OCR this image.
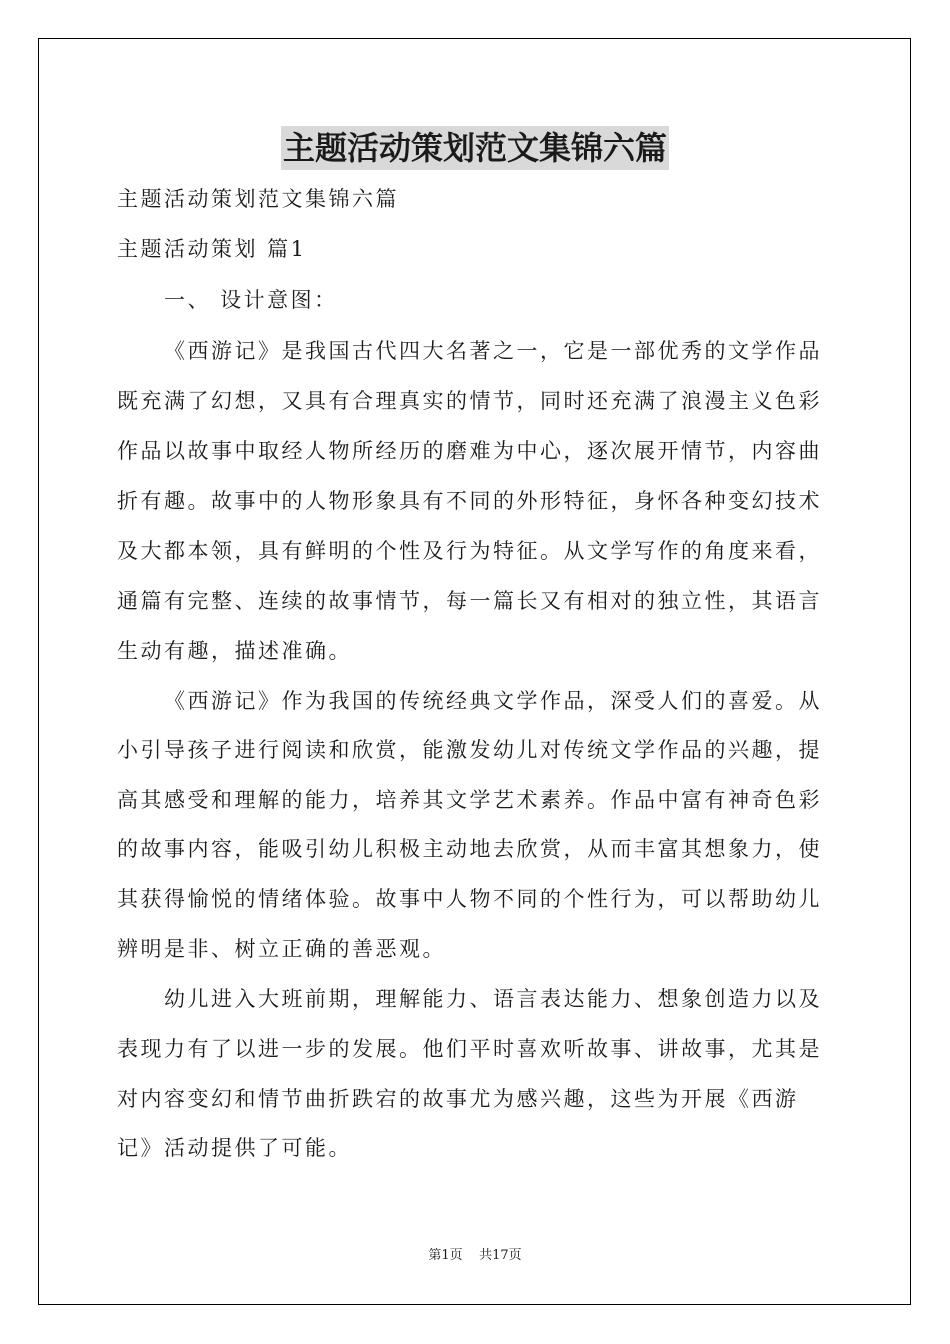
主题活动策划范文集锦六篇
主题活动策划范文集锦六篇
主题活动策划 篇1
一、 设计意图：
《西游记》是我国古代四大名著之一，它是一部优秀的文学作品
既充满了幻想，又具有合理真实的情节，同时还充满了浪漫主义色彩
作品以故事中取经人物所经历的磨难为中心，逐次展开情节，内容曲
折有趣。故事中的人物形象具有不同的外形特征，身怀各种变幻技术
及大都本领，具有鲜明的个性及行为特征。从文学写作的角度来看，
通篇有完整、连续的故事情节，每一篇长又有相对的独立性，其语言
生动有趣，描述准确。
《西游记》作为我国的传统经典文学作品，深受人们的喜爱。从
小引导孩子进行阅读和欣赏，能激发幼儿对传统文学作品的兴趣，提
高其感受和理解的能力，培养其文学艺术素养。作品中富有神奇色彩
的故事内容，能吸引幼儿积极主动地去欣赏，从而丰富其想象力，使
其获得愉悦的情绪体验。故事中人物不同的个性行为，可以帮助幼儿
辨明是非、树立正确的善恶观。
幼儿进入大班前期，理解能力、语言表达能力、想象创造力以及
表现力有了以进一步的发展。他们平时喜欢听故事、讲故事，尤其是
对内容变幻和情节曲折跌宕的故事尤为感兴趣，这些为开展《西游
记》活动提供了可能。
第1页 共17页
